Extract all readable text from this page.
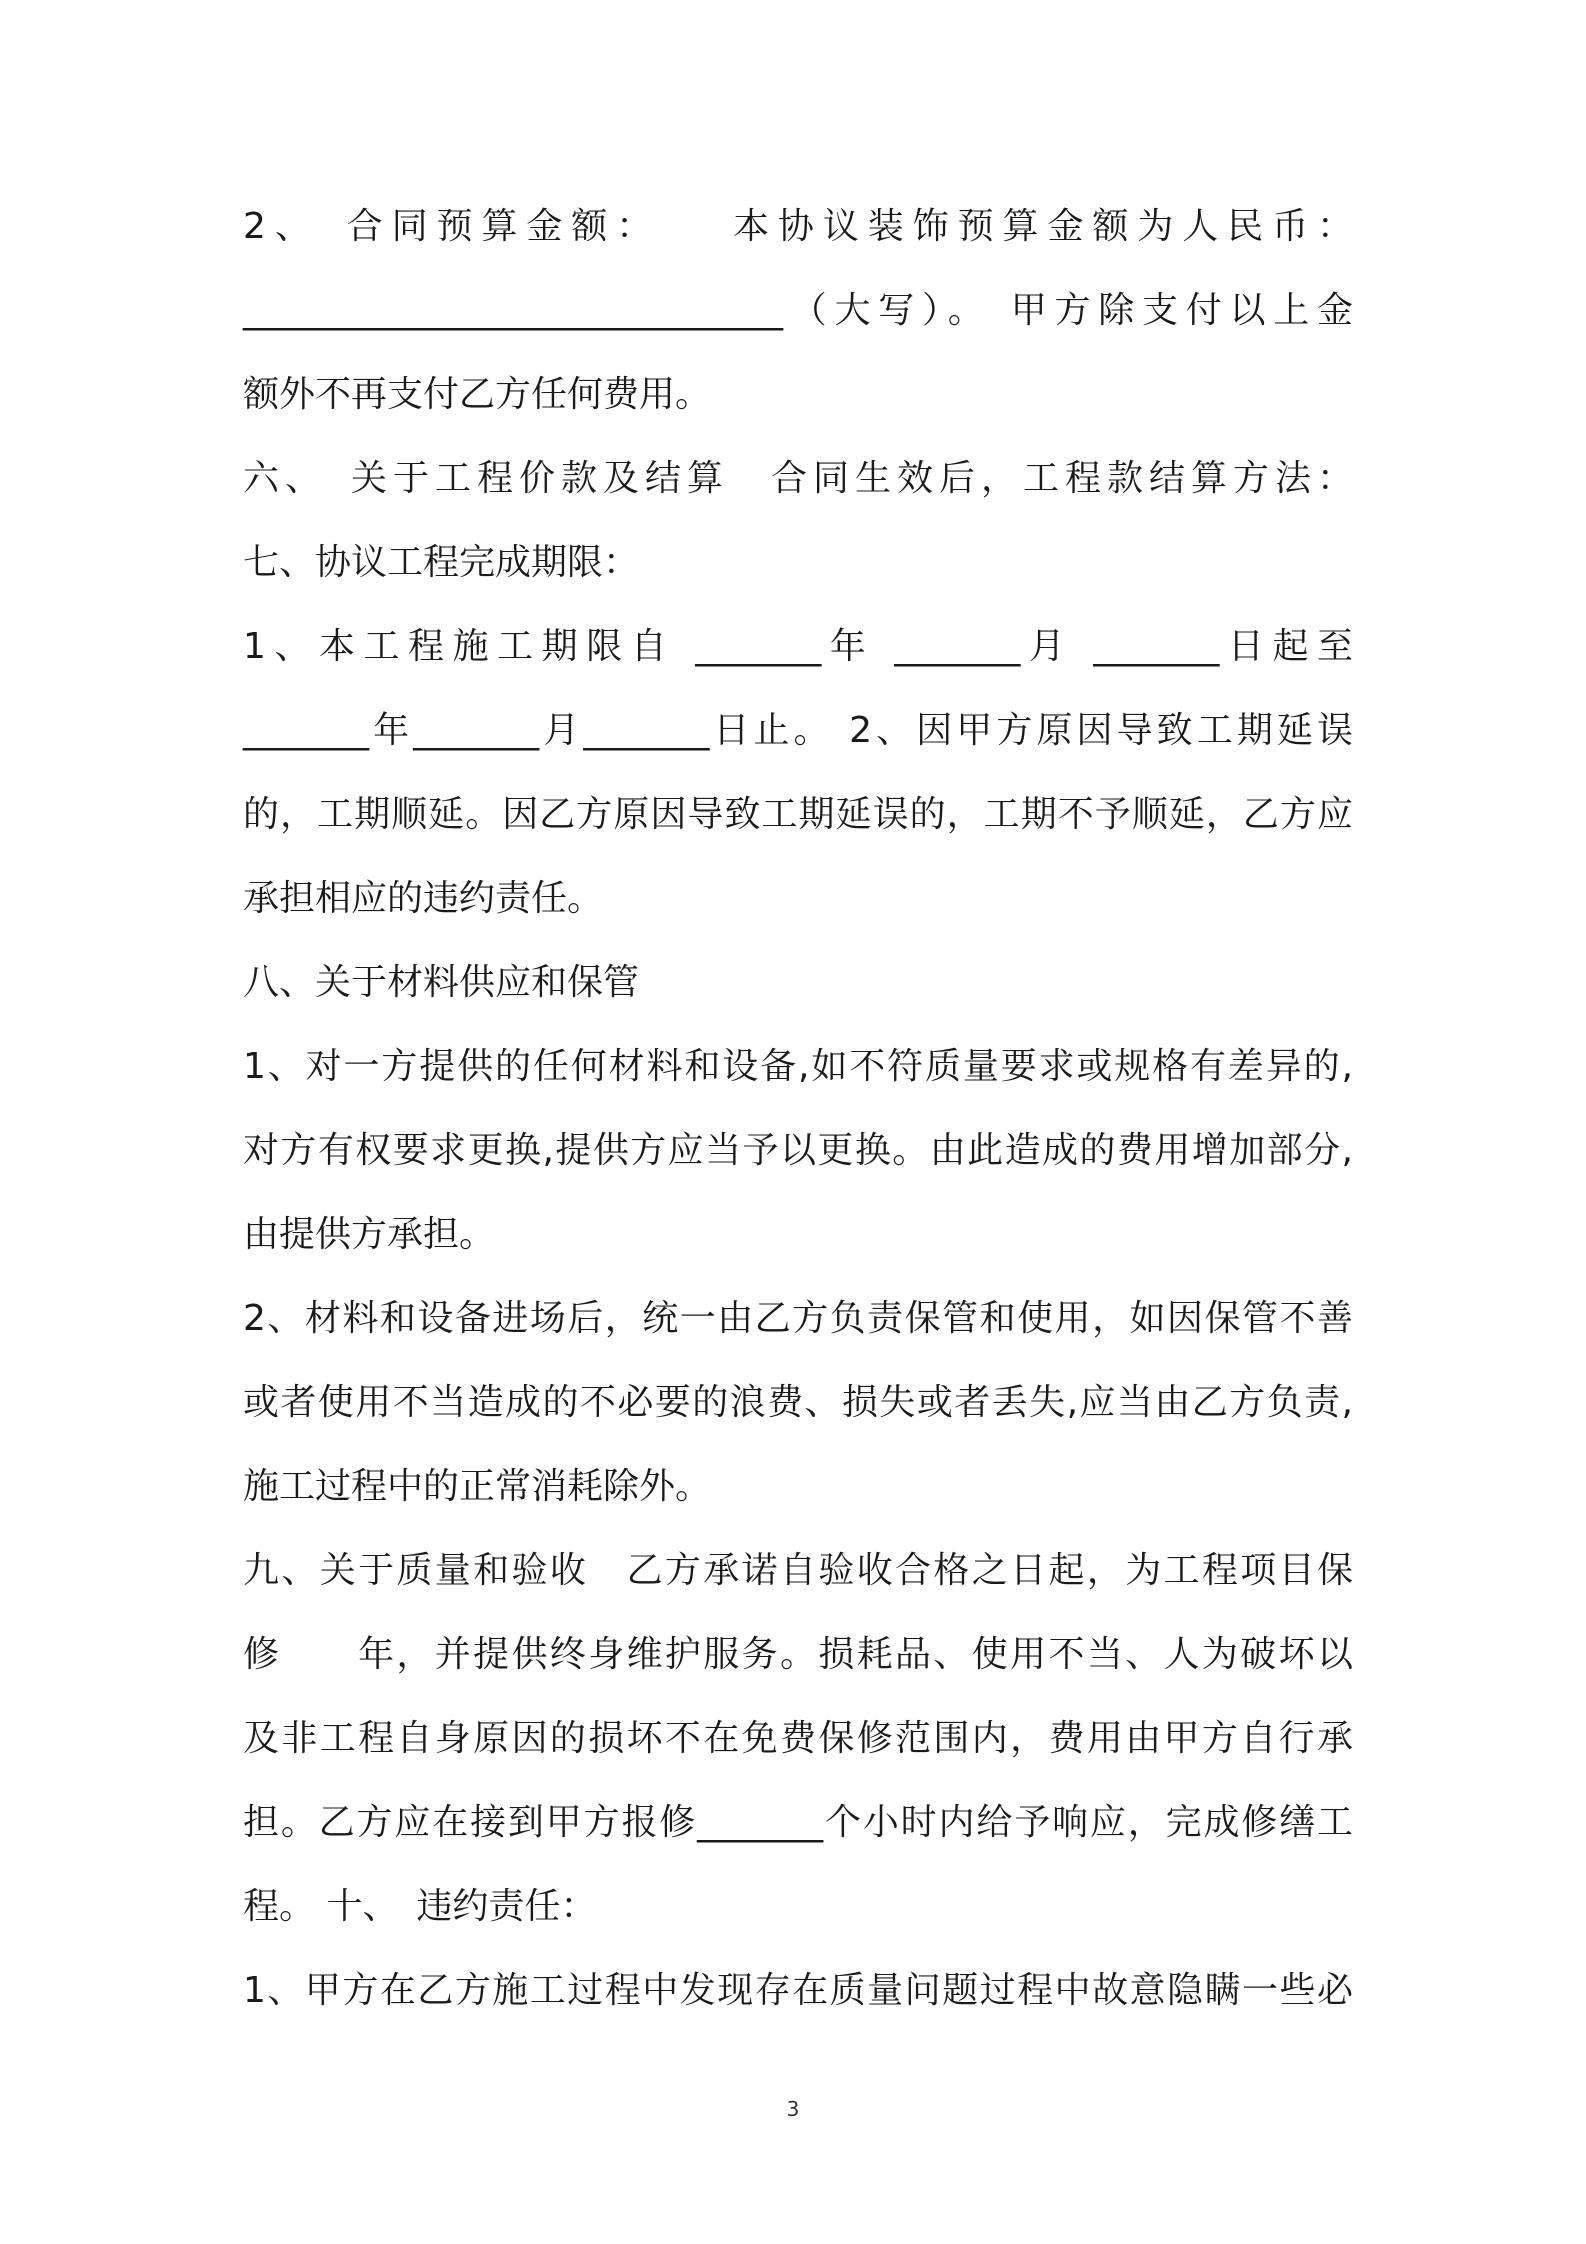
2、　合同预算金额：　　本协议装饰预算金额为人民币：
______________________________（大写）。 甲方除支付以上金
额外不再支付乙方任何费用。
六、　关于工程价款及结算　合同生效后，工程款结算方法：
七、协议工程完成期限：
1、本工程施工期限自 _______年 _______月 _______日起至
_______年_______月_______日止。 2、因甲方原因导致工期延误
的，工期顺延。因乙方原因导致工期延误的，工期不予顺延，乙方应
承担相应的违约责任。
八、关于材料供应和保管
1、对一方提供的任何材料和设备,如不符质量要求或规格有差异的,
对方有权要求更换,提供方应当予以更换。由此造成的费用增加部分,
由提供方承担。
2、材料和设备进场后，统一由乙方负责保管和使用，如因保管不善
或者使用不当造成的不必要的浪费、损失或者丢失,应当由乙方负责,
施工过程中的正常消耗除外。
九、关于质量和验收　乙方承诺自验收合格之日起，为工程项目保
修　　年，并提供终身维护服务。损耗品、使用不当、人为破坏以
及非工程自身原因的损坏不在免费保修范围内，费用由甲方自行承
担。乙方应在接到甲方报修_______个小时内给予响应，完成修缮工
程。 十、　违约责任：
1、甲方在乙方施工过程中发现存在质量问题过程中故意隐瞒一些必
3
